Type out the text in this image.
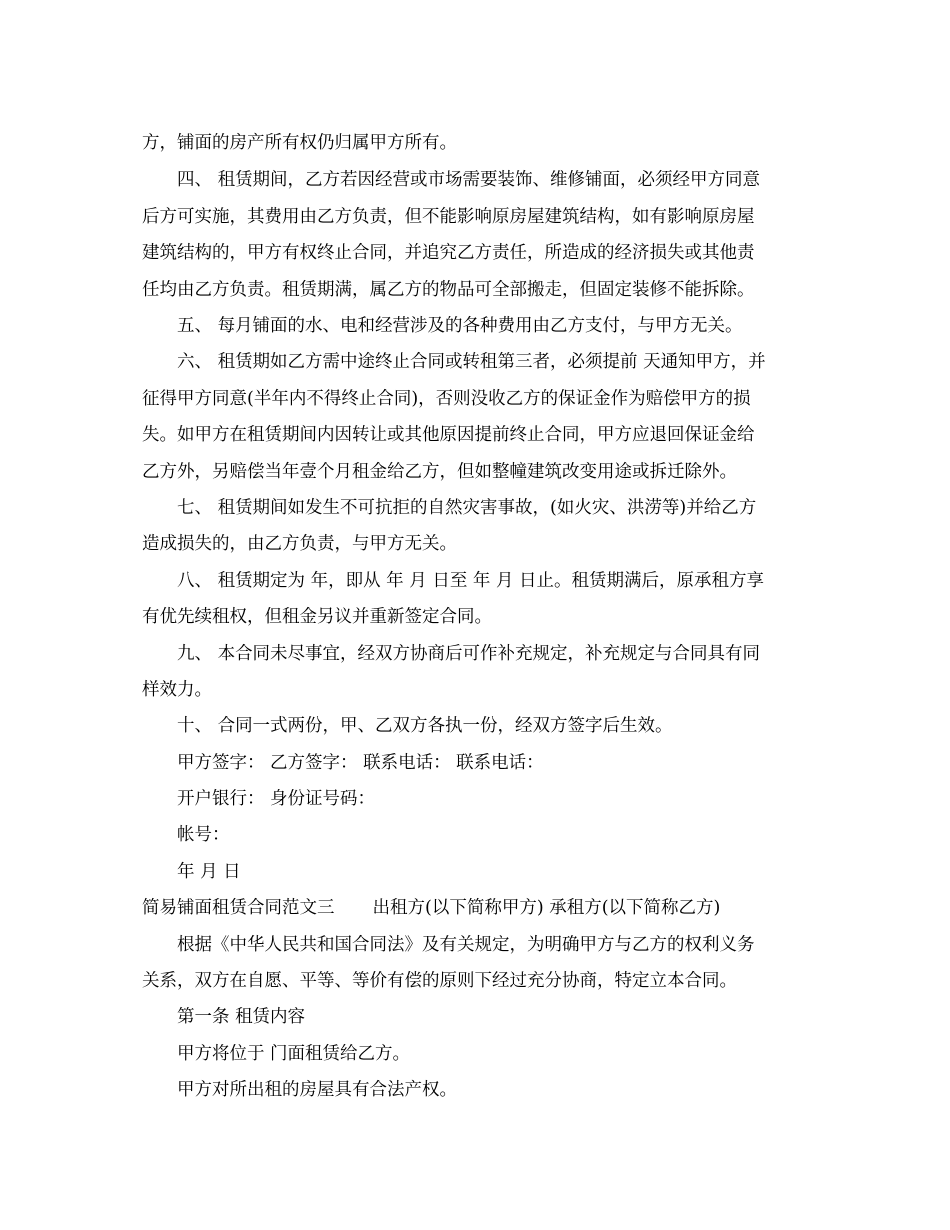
方，铺面的房产所有权仍归属甲方所有。
四、 租赁期间，乙方若因经营或市场需要装饰、维修铺面，必须经甲方同意
后方可实施，其费用由乙方负责，但不能影响原房屋建筑结构，如有影响原房屋
建筑结构的，甲方有权终止合同，并追究乙方责任，所造成的经济损失或其他责
任均由乙方负责。租赁期满，属乙方的物品可全部搬走，但固定装修不能拆除。
五、 每月铺面的水、电和经营涉及的各种费用由乙方支付，与甲方无关。
六、 租赁期如乙方需中途终止合同或转租第三者，必须提前 天通知甲方，并
征得甲方同意(半年内不得终止合同)，否则没收乙方的保证金作为赔偿甲方的损
失。如甲方在租赁期间内因转让或其他原因提前终止合同，甲方应退回保证金给
乙方外，另赔偿当年壹个月租金给乙方，但如整幢建筑改变用途或拆迁除外。
七、 租赁期间如发生不可抗拒的自然灾害事故，(如火灾、洪涝等)并给乙方
造成损失的，由乙方负责，与甲方无关。
八、 租赁期定为 年，即从 年 月 日至 年 月 日止。租赁期满后，原承租方享
有优先续租权，但租金另议并重新签定合同。
九、 本合同未尽事宜，经双方协商后可作补充规定，补充规定与合同具有同
样效力。
十、 合同一式两份，甲、乙双方各执一份，经双方签字后生效。
甲方签字： 乙方签字： 联系电话： 联系电话：
开户银行： 身份证号码：
帐号：
年 月 日
简易铺面租赁合同范文三 出租方(以下简称甲方) 承租方(以下简称乙方)
根据《中华人民共和国合同法》及有关规定，为明确甲方与乙方的权利义务
关系，双方在自愿、平等、等价有偿的原则下经过充分协商，特定立本合同。
第一条 租赁内容
甲方将位于 门面租赁给乙方。
甲方对所出租的房屋具有合法产权。
